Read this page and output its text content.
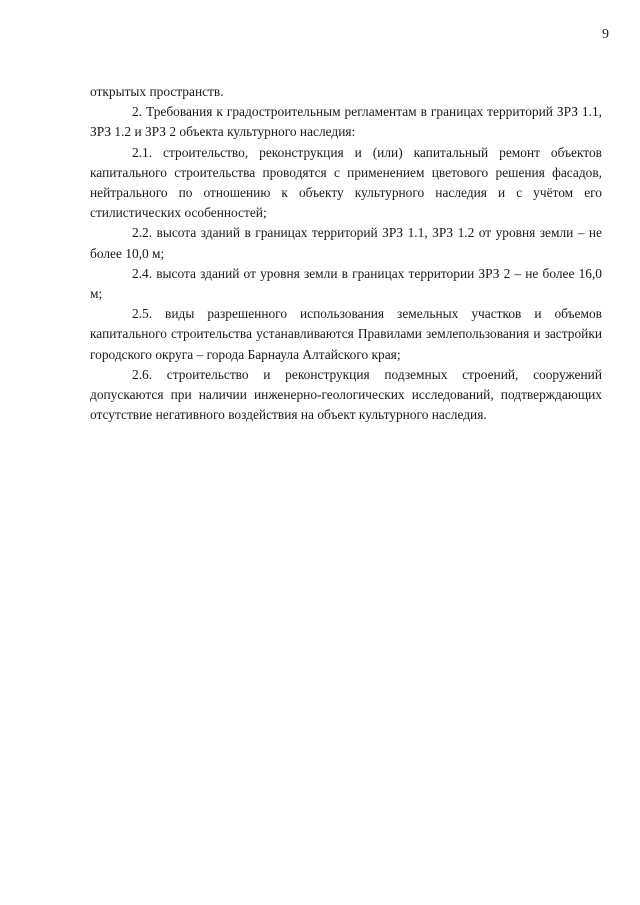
9

открытых пространств.

2. Требования к градостроительным регламентам в границах территорий ЗРЗ 1.1, ЗРЗ 1.2 и ЗРЗ 2 объекта культурного наследия:

2.1. строительство, реконструкция и (или) капитальный ремонт объектов капитального строительства проводятся с применением цветового решения фасадов, нейтрального по отношению к объекту культурного наследия и с учётом его стилистических особенностей;

2.2. высота зданий в границах территорий ЗРЗ 1.1, ЗРЗ 1.2 от уровня земли – не более 10,0 м;

2.4. высота зданий от уровня земли в границах территории ЗРЗ 2 – не более 16,0 м;

2.5. виды разрешенного использования земельных участков и объемов капитального строительства устанавливаются Правилами землепользования и застройки городского округа – города Барнаула Алтайского края;

2.6. строительство и реконструкция подземных строений, сооружений допускаются при наличии инженерно-геологических исследований, подтверждающих отсутствие негативного воздействия на объект культурного наследия.
